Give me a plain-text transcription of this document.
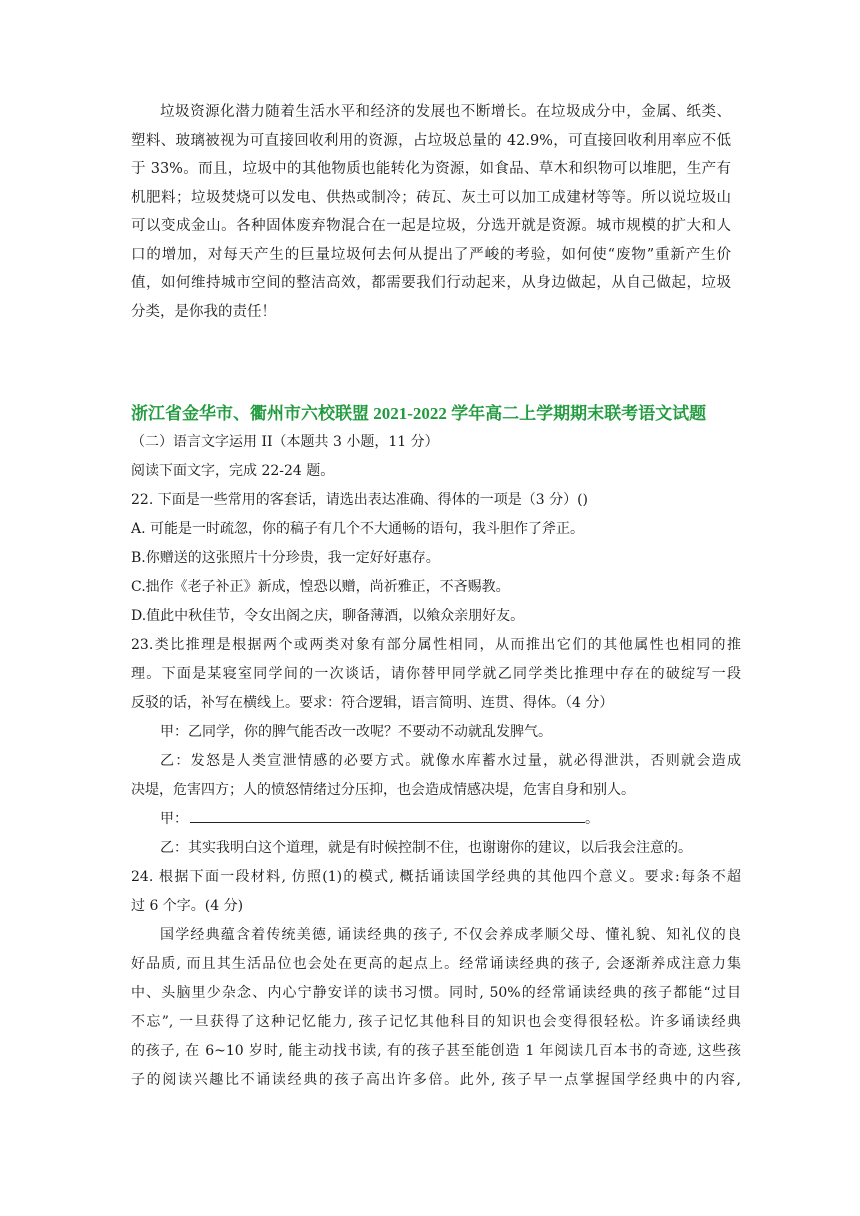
垃圾资源化潜力随着生活水平和经济的发展也不断增长。在垃圾成分中，金属、纸类、

塑料、玻璃被视为可直接回收利用的资源，占垃圾总量的 42.9%，可直接回收利用率应不低

于 33%。而且，垃圾中的其他物质也能转化为资源，如食品、草木和织物可以堆肥，生产有

机肥料；垃圾焚烧可以发电、供热或制冷；砖瓦、灰土可以加工成建材等等。所以说垃圾山

可以变成金山。各种固体废弃物混合在一起是垃圾，分选开就是资源。城市规模的扩大和人

口的增加，对每天产生的巨量垃圾何去何从提出了严峻的考验，如何使“废物”重新产生价

值，如何维持城市空间的整洁高效，都需要我们行动起来，从身边做起，从自己做起，垃圾

分类，是你我的责任！

浙江省金华市、衢州市六校联盟 2021-2022 学年高二上学期期末联考语文试题

（二）语言文字运用 II（本题共 3 小题，11 分）

阅读下面文字，完成 22-24 题。

22. 下面是一些常用的客套话，请选出表达准确、得体的一项是（3 分）()

A. 可能是一时疏忽，你的稿子有几个不大通畅的语句，我斗胆作了斧正。

B.你赠送的这张照片十分珍贵，我一定好好惠存。

C.拙作《老子补正》新成，惶恐以赠，尚祈雅正，不吝赐教。

D.值此中秋佳节，令女出阁之庆，聊备薄酒，以飨众亲朋好友。

23.类比推理是根据两个或两类对象有部分属性相同，从而推出它们的其他属性也相同的推

理。下面是某寝室同学间的一次谈话，请你替甲同学就乙同学类比推理中存在的破绽写一段

反驳的话，补写在横线上。要求：符合逻辑，语言简明、连贯、得体。（4 分）

甲：乙同学，你的脾气能否改一改呢？不要动不动就乱发脾气。

乙：发怒是人类宣泄情感的必要方式。就像水库蓄水过量，就必得泄洪，否则就会造成

决堤，危害四方；人的愤怒情绪过分压抑，也会造成情感决堤，危害自身和别人。

甲：	。

乙：其实我明白这个道理，就是有时候控制不住，也谢谢你的建议，以后我会注意的。

24. 根据下面一段材料, 仿照(1)的模式, 概括诵读国学经典的其他四个意义。要求:每条不超

过 6 个字。(4 分)

国学经典蕴含着传统美德, 诵读经典的孩子, 不仅会养成孝顺父母、懂礼貌、知礼仪的良

好品质, 而且其生活品位也会处在更高的起点上。经常诵读经典的孩子, 会逐渐养成注意力集

中、头脑里少杂念、内心宁静安详的读书习惯。同时, 50%的经常诵读经典的孩子都能“过目

不忘”, 一旦获得了这种记忆能力, 孩子记忆其他科目的知识也会变得很轻松。许多诵读经典

的孩子, 在 6~10 岁时, 能主动找书读, 有的孩子甚至能创造 1 年阅读几百本书的奇迹, 这些孩

子的阅读兴趣比不诵读经典的孩子高出许多倍。此外, 孩子早一点掌握国学经典中的内容,
